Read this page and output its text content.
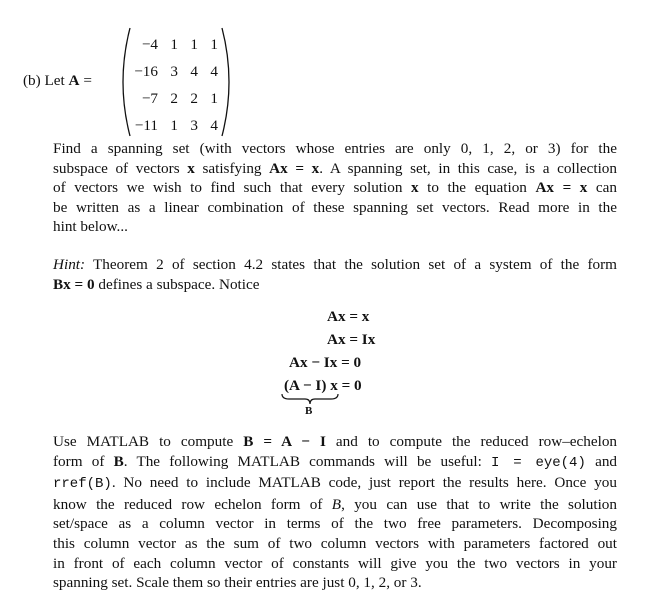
(b) Let A =
−4 1 1 1
−16 3 4 4
−7 2 2 1
−11 1 3 4
Find a spanning set (with vectors whose entries are only 0, 1, 2, or 3) for the
subspace of vectors x satisfying Ax = x. A spanning set, in this case, is a collection
of vectors we wish to find such that every solution x to the equation Ax = x can
be written as a linear combination of these spanning set vectors. Read more in the
hint below...
Hint: Theorem 2 of section 4.2 states that the solution set of a system of the form
Bx = 0 defines a subspace. Notice
Ax = x
Ax = Ix
Ax − Ix = 0
(A − I) x = 0
B
Use MATLAB to compute B = A − I and to compute the reduced row–echelon
form of B. The following MATLAB commands will be useful: I = eye(4) and
rref(B). No need to include MATLAB code, just report the results here. Once you
know the reduced row echelon form of B, you can use that to write the solution
set/space as a column vector in terms of the two free parameters. Decomposing
this column vector as the sum of two column vectors with parameters factored out
in front of each column vector of constants will give you the two vectors in your
spanning set. Scale them so their entries are just 0, 1, 2, or 3.
